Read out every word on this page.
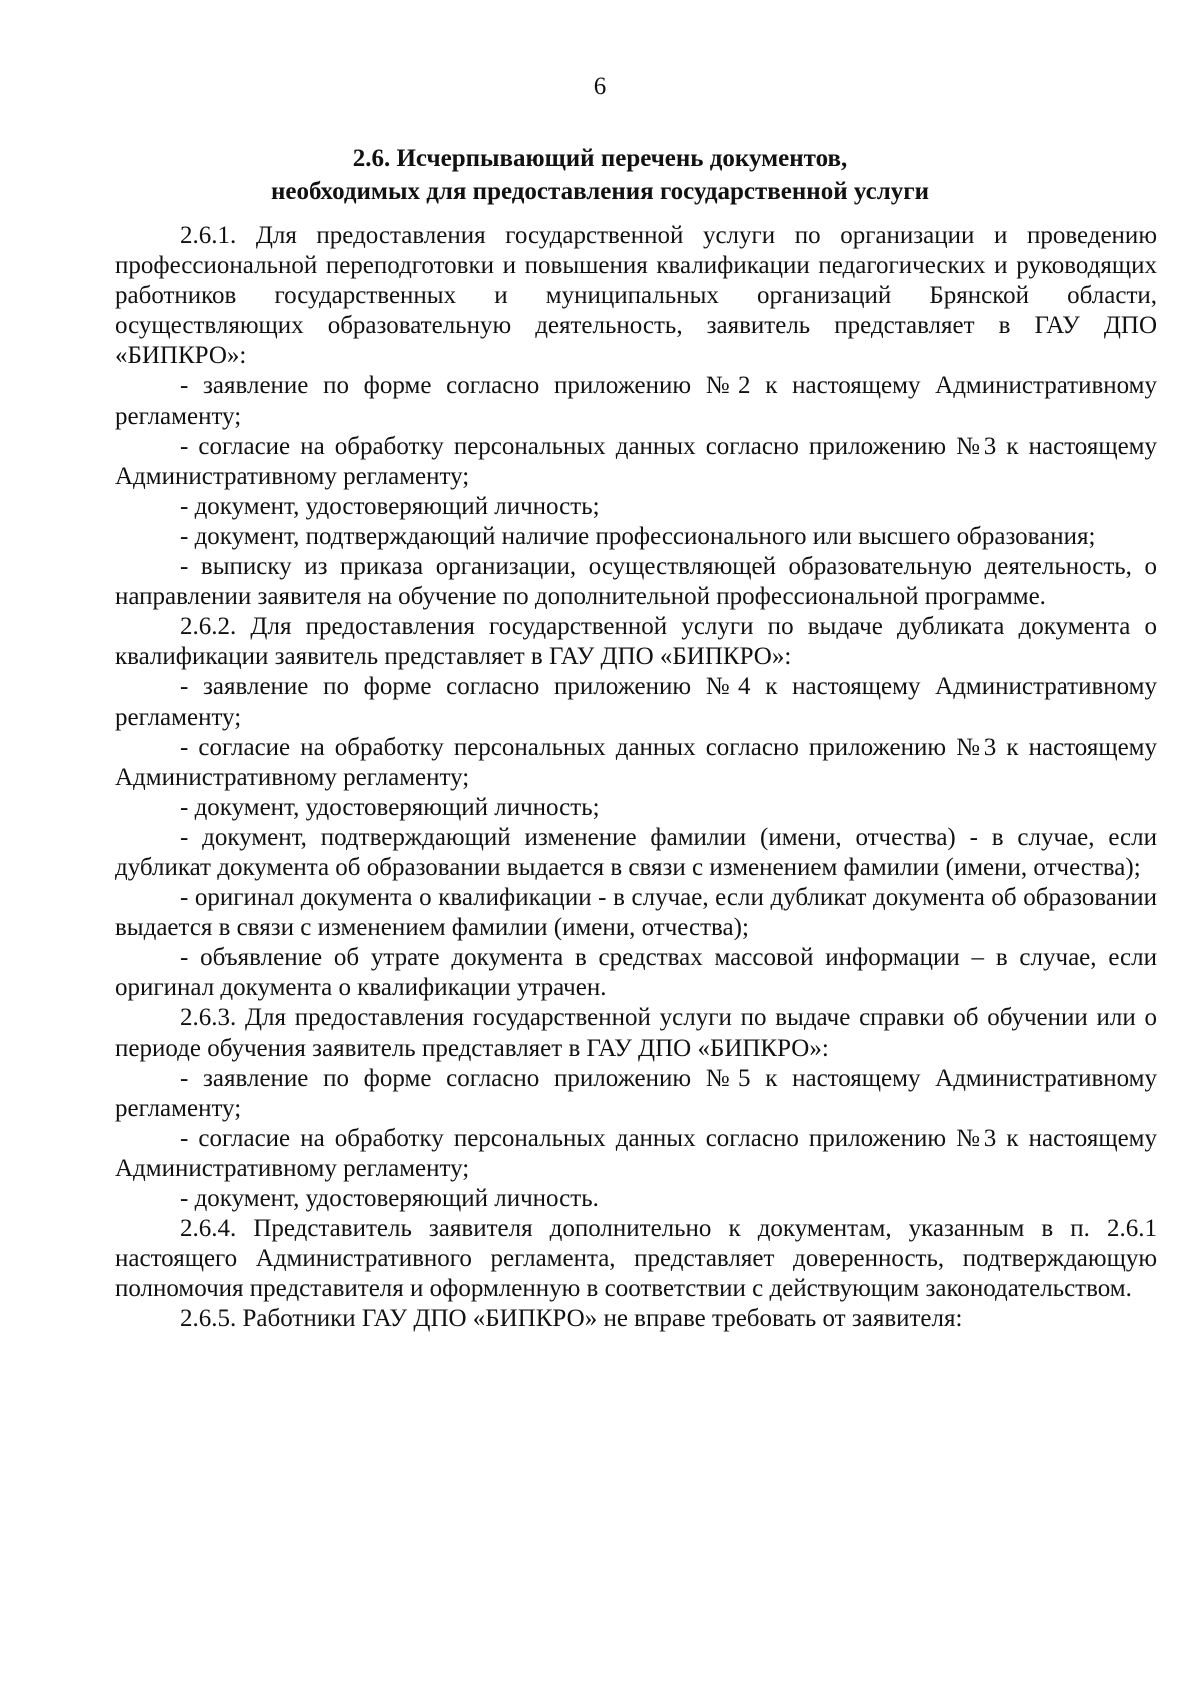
6
2.6. Исчерпывающий перечень документов,
необходимых для предоставления государственной услуги

2.6.1. Для предоставления государственной услуги по организации и проведению профессиональной переподготовки и повышения квалификации педагогических и руководящих работников государственных и муниципальных организаций Брянской области, осуществляющих образовательную деятельность, заявитель представляет в ГАУ ДПО «БИПКРО»:

- заявление по форме согласно приложению №2 к настоящему Административному регламенту;

- согласие на обработку персональных данных согласно приложению №3 к настоящему Административному регламенту;

- документ, удостоверяющий личность;

- документ, подтверждающий наличие профессионального или высшего образования;

- выписку из приказа организации, осуществляющей образовательную деятельность, о направлении заявителя на обучение по дополнительной профессиональной программе.

2.6.2. Для предоставления государственной услуги по выдаче дубликата документа о квалификации заявитель представляет в ГАУ ДПО «БИПКРО»:

- заявление по форме согласно приложению №4 к настоящему Административному регламенту;

- согласие на обработку персональных данных согласно приложению №3 к настоящему Административному регламенту;

- документ, удостоверяющий личность;

- документ, подтверждающий изменение фамилии (имени, отчества) - в случае, если дубликат документа об образовании выдается в связи с изменением фамилии (имени, отчества);

- оригинал документа о квалификации - в случае, если дубликат документа об образовании выдается в связи с изменением фамилии (имени, отчества);

- объявление об утрате документа в средствах массовой информации – в случае, если оригинал документа о квалификации утрачен.

2.6.3. Для предоставления государственной услуги по выдаче справки об обучении или о периоде обучения заявитель представляет в ГАУ ДПО «БИПКРО»:

- заявление по форме согласно приложению №5 к настоящему Административному регламенту;

- согласие на обработку персональных данных согласно приложению №3 к настоящему Административному регламенту;

- документ, удостоверяющий личность.

2.6.4. Представитель заявителя дополнительно к документам, указанным в п. 2.6.1 настоящего Административного регламента, представляет доверенность, подтверждающую полномочия представителя и оформленную в соответствии с действующим законодательством.

2.6.5. Работники ГАУ ДПО «БИПКРО» не вправе требовать от заявителя:
